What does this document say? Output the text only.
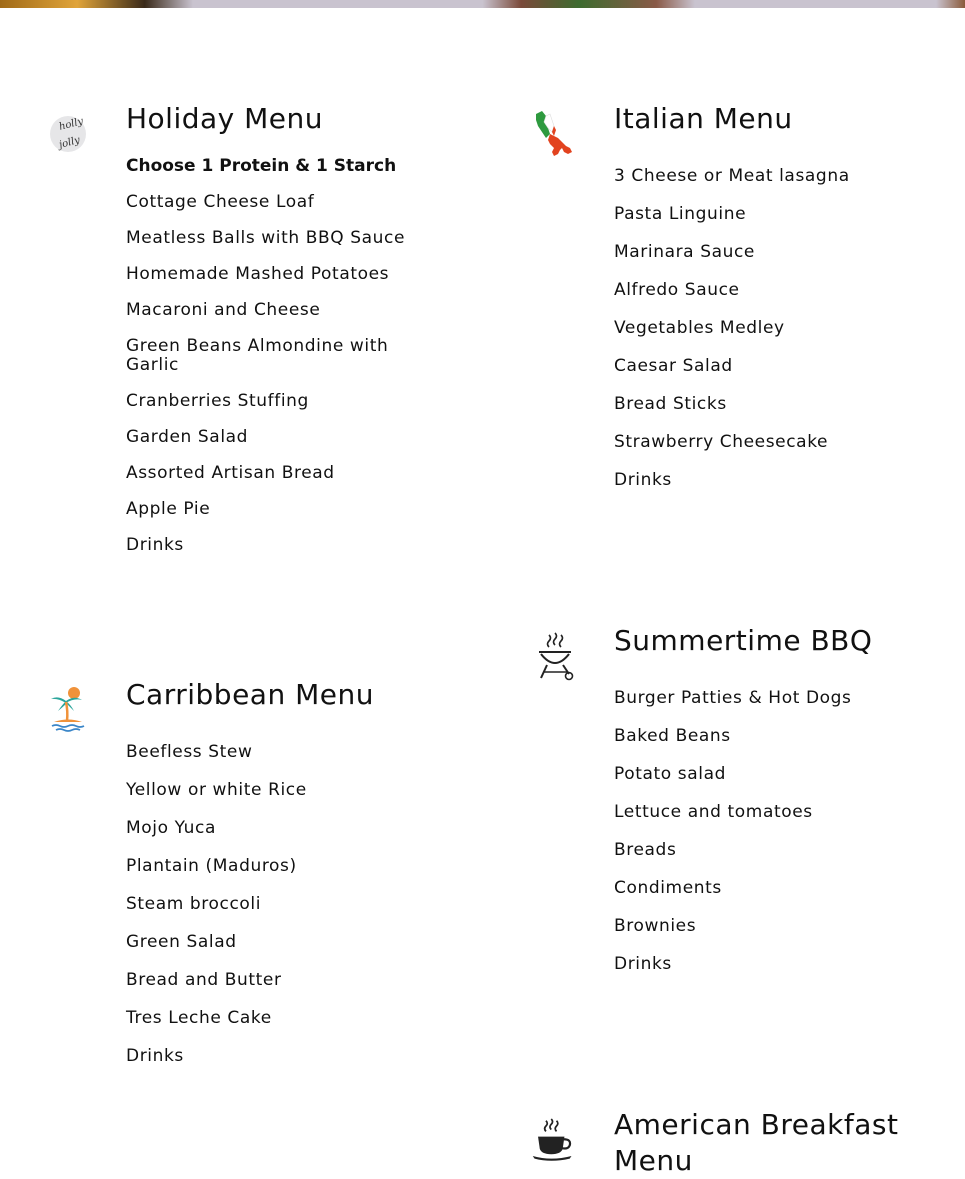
holly
jolly
Holiday Menu
Choose 1 Protein & 1 Starch
Cottage Cheese Loaf
Meatless Balls with BBQ Sauce
Homemade Mashed Potatoes
Macaroni and Cheese
Green Beans Almondine with Garlic
Cranberries Stuffing
Garden Salad
Assorted Artisan Bread
Apple Pie
Drinks
Italian Menu
3 Cheese or Meat lasagna
Pasta Linguine
Marinara Sauce
Alfredo Sauce
Vegetables Medley
Caesar Salad
Bread Sticks
Strawberry Cheesecake
Drinks
Summertime BBQ
Burger Patties & Hot Dogs
Baked Beans
Potato salad
Lettuce and tomatoes
Breads
Condiments
Brownies
Drinks
Carribbean Menu
Beefless Stew
Yellow or white Rice
Mojo Yuca
Plantain (Maduros)
Steam broccoli
Green Salad
Bread and Butter
Tres Leche Cake
Drinks
American Breakfast Menu
